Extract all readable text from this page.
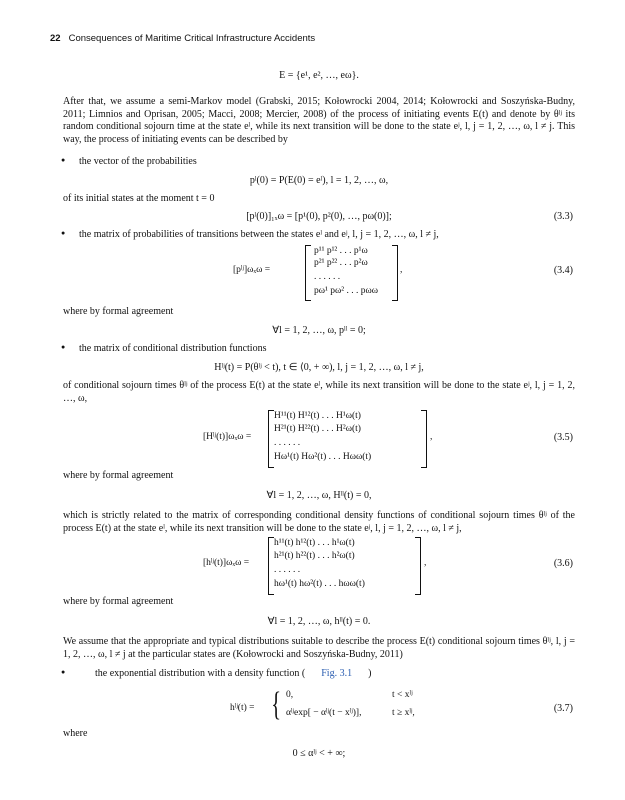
22 Consequences of Maritime Critical Infrastructure Accidents
E = {e¹, e², …, eω}.
After that, we assume a semi-Markov model (Grabski, 2015; Kołowrocki 2004, 2014; Kołowrocki and Soszyńska-Budny, 2011; Limnios and Oprisan, 2005; Macci, 2008; Mercier, 2008) of the process of initiating events E(t) and denote by θˡʲ its random conditional sojourn time at the state eˡ, while its next transition will be done to the state eʲ, l, j = 1, 2, …, ω, l ≠ j. This way, the process of initiating events can be described by
● the vector of the probabilities
pˡ(0) = P(E(0) = eˡ), l = 1, 2, …, ω,
of its initial states at the moment t = 0
[pˡ(0)]₁ₓω = [p¹(0), p²(0), …, pω(0)];	(3.3)
● the matrix of probabilities of transitions between the states eˡ and eʲ, l, j = 1, 2, …, ω, l ≠ j,
[pˡʲ]ωₓω =
p¹¹ p¹² . . . p¹ω
p²¹ p²² . . . p²ω
. . . . . .
pω¹ pω² . . . pωω
,	(3.4)
where by formal agreement
∀l = 1, 2, …, ω, pˡˡ = 0;
● the matrix of conditional distribution functions
Hˡʲ(t) = P(θˡʲ < t), t ∈ ⟨0, + ∞), l, j = 1, 2, …, ω, l ≠ j,
of conditional sojourn times θˡʲ of the process E(t) at the state eˡ, while its next transition will be done to the state eʲ, l, j = 1, 2, …, ω,
[Hˡʲ(t)]ωₓω =
H¹¹(t) H¹²(t) . . . H¹ω(t)
H²¹(t) H²²(t) . . . H²ω(t)
. . . . . .
Hω¹(t) Hω²(t) . . . Hωω(t)
,	(3.5)
where by formal agreement
∀l = 1, 2, …, ω, Hˡˡ(t) = 0,
which is strictly related to the matrix of corresponding conditional density functions of conditional sojourn times θˡʲ of the process E(t) at the state eˡ, while its next transition will be done to the state eʲ, l, j = 1, 2, …, ω, l ≠ j,
[hˡʲ(t)]ωₓω =
h¹¹(t) h¹²(t) . . . h¹ω(t)
h²¹(t) h²²(t) . . . h²ω(t)
. . . . . .
hω¹(t) hω²(t) . . . hωω(t)
,	(3.6)
where by formal agreement
∀l = 1, 2, …, ω, hˡˡ(t) = 0.
We assume that the appropriate and typical distributions suitable to describe the process E(t) conditional sojourn times θˡʲ, l, j = 1, 2, …, ω, l ≠ j at the particular states are (Kołowrocki and Soszyńska-Budny, 2011)
● the exponential distribution with a density function ( Fig. 3.1 )
hˡʲ(t) = { 0,	t < xˡʲ
αˡʲexp[ − αˡʲ(t − xˡʲ)],	t ≥ xˡʲ,	(3.7)
where
0 ≤ αˡʲ < + ∞;
